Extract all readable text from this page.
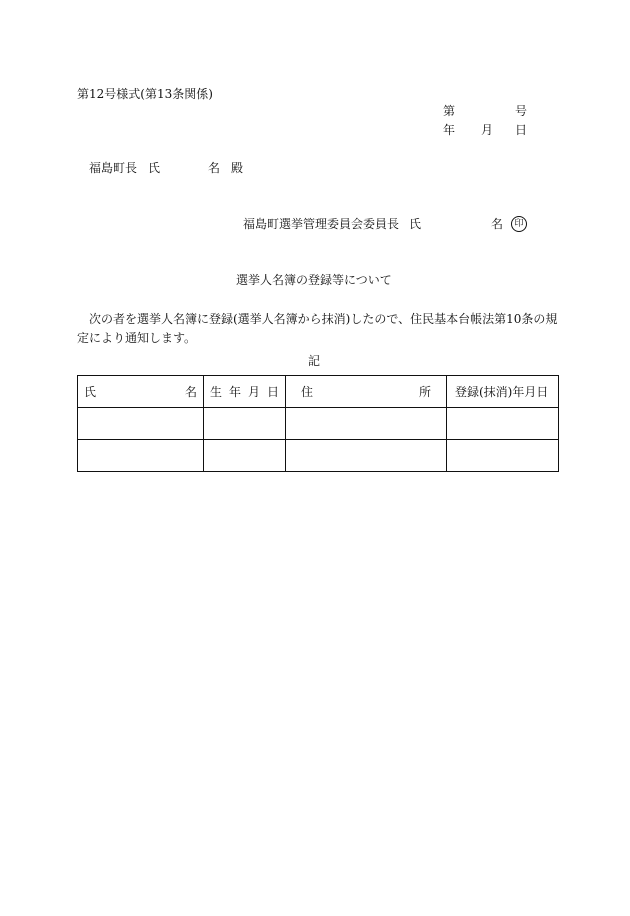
第12号様式(第13条関係)
第	号
年 月 日
福島町長 氏	名 殿
福島町選挙管理委員会委員長 氏	名	印
選挙人名簿の登録等について
次の者を選挙人名簿に登録(選挙人名簿から抹消)したので、住民基本台帳法第10条の規
定により通知します。
記
氏 名	生 年 月 日	住 所	登録(抹消)年月日
